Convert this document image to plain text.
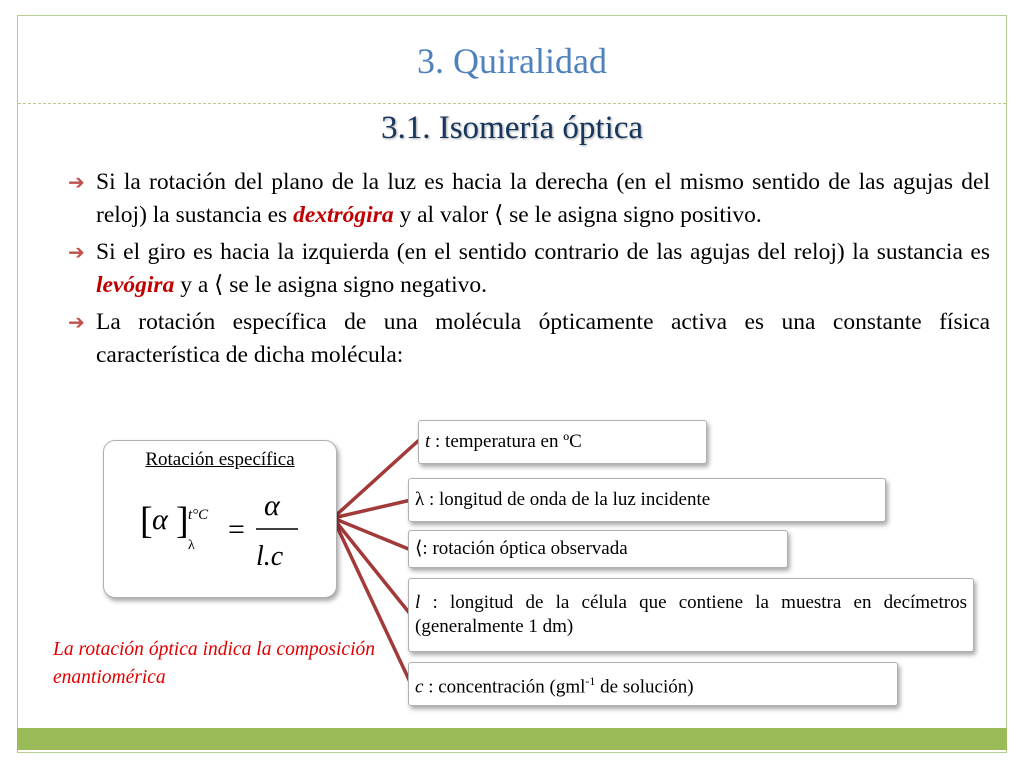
3. Quiralidad
3.1. Isomería óptica
➔ Si la rotación del plano de la luz es hacia la derecha (en el mismo sentido de las agujas del reloj) la sustancia es dextrógira y al valor ⟨ se le asigna signo positivo.
➔ Si el giro es hacia la izquierda (en el sentido contrario de las agujas del reloj) la sustancia es levógira y a ⟨ se le asigna signo negativo.
➔ La rotación específica de una molécula ópticamente activa es una constante física característica de dicha molécula:
Rotación específica
[ α ] t°C
λ =
α
l.c
t : temperatura en ºC
λ : longitud de onda de la luz incidente
⟨: rotación óptica observada
l : longitud de la célula que contiene la muestra en decímetros (generalmente 1 dm)
c : concentración (gml$^{-1}$ de solución)
La rotación óptica indica la composición enantiomérica
